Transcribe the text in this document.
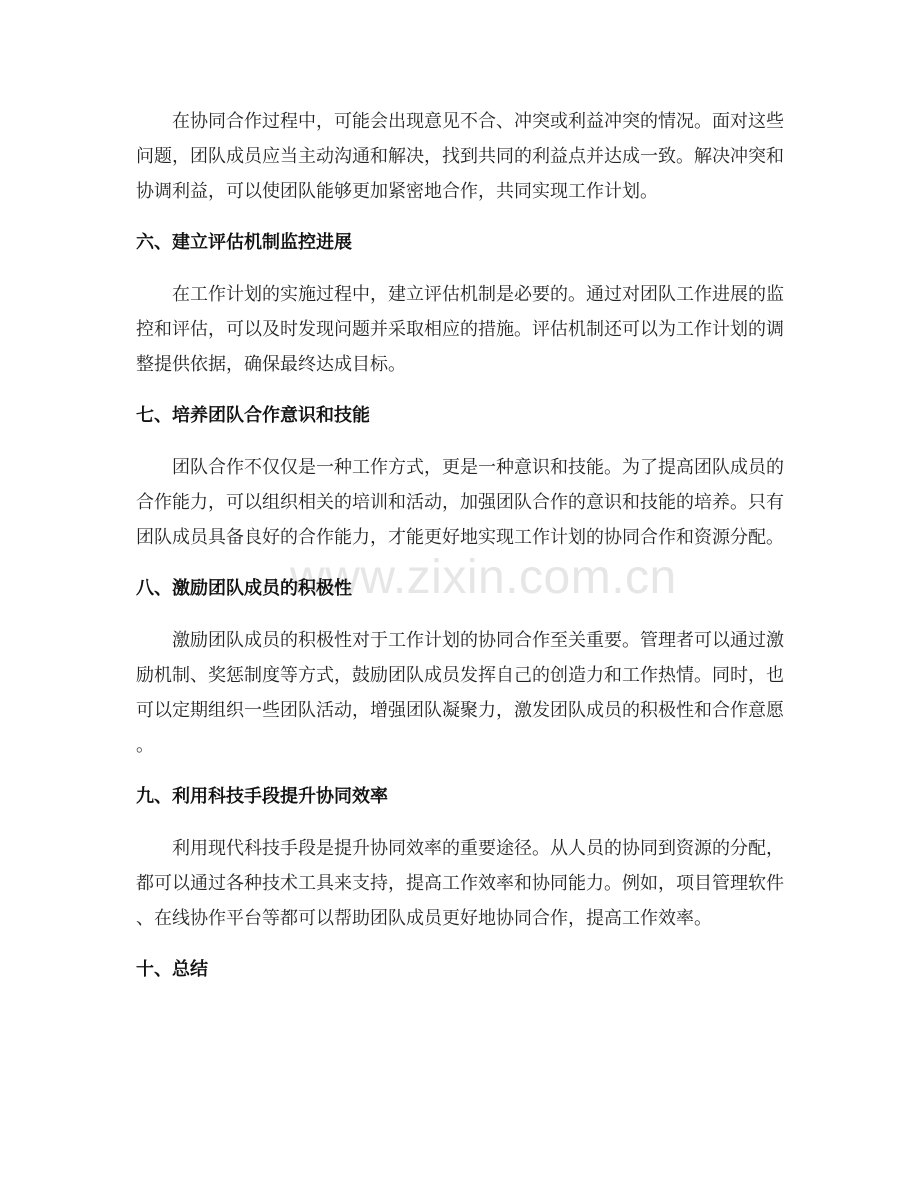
www.zixin.com.cn
在协同合作过程中，可能会出现意见不合、冲突或利益冲突的情况。面对这些
问题，团队成员应当主动沟通和解决，找到共同的利益点并达成一致。解决冲突和
协调利益，可以使团队能够更加紧密地合作，共同实现工作计划。
六、建立评估机制监控进展
在工作计划的实施过程中，建立评估机制是必要的。通过对团队工作进展的监
控和评估，可以及时发现问题并采取相应的措施。评估机制还可以为工作计划的调
整提供依据，确保最终达成目标。
七、培养团队合作意识和技能
团队合作不仅仅是一种工作方式，更是一种意识和技能。为了提高团队成员的
合作能力，可以组织相关的培训和活动，加强团队合作的意识和技能的培养。只有
团队成员具备良好的合作能力，才能更好地实现工作计划的协同合作和资源分配。
八、激励团队成员的积极性
激励团队成员的积极性对于工作计划的协同合作至关重要。管理者可以通过激
励机制、奖惩制度等方式，鼓励团队成员发挥自己的创造力和工作热情。同时，也
可以定期组织一些团队活动，增强团队凝聚力，激发团队成员的积极性和合作意愿
。
九、利用科技手段提升协同效率
利用现代科技手段是提升协同效率的重要途径。从人员的协同到资源的分配，
都可以通过各种技术工具来支持，提高工作效率和协同能力。例如，项目管理软件
、在线协作平台等都可以帮助团队成员更好地协同合作，提高工作效率。
十、总结
